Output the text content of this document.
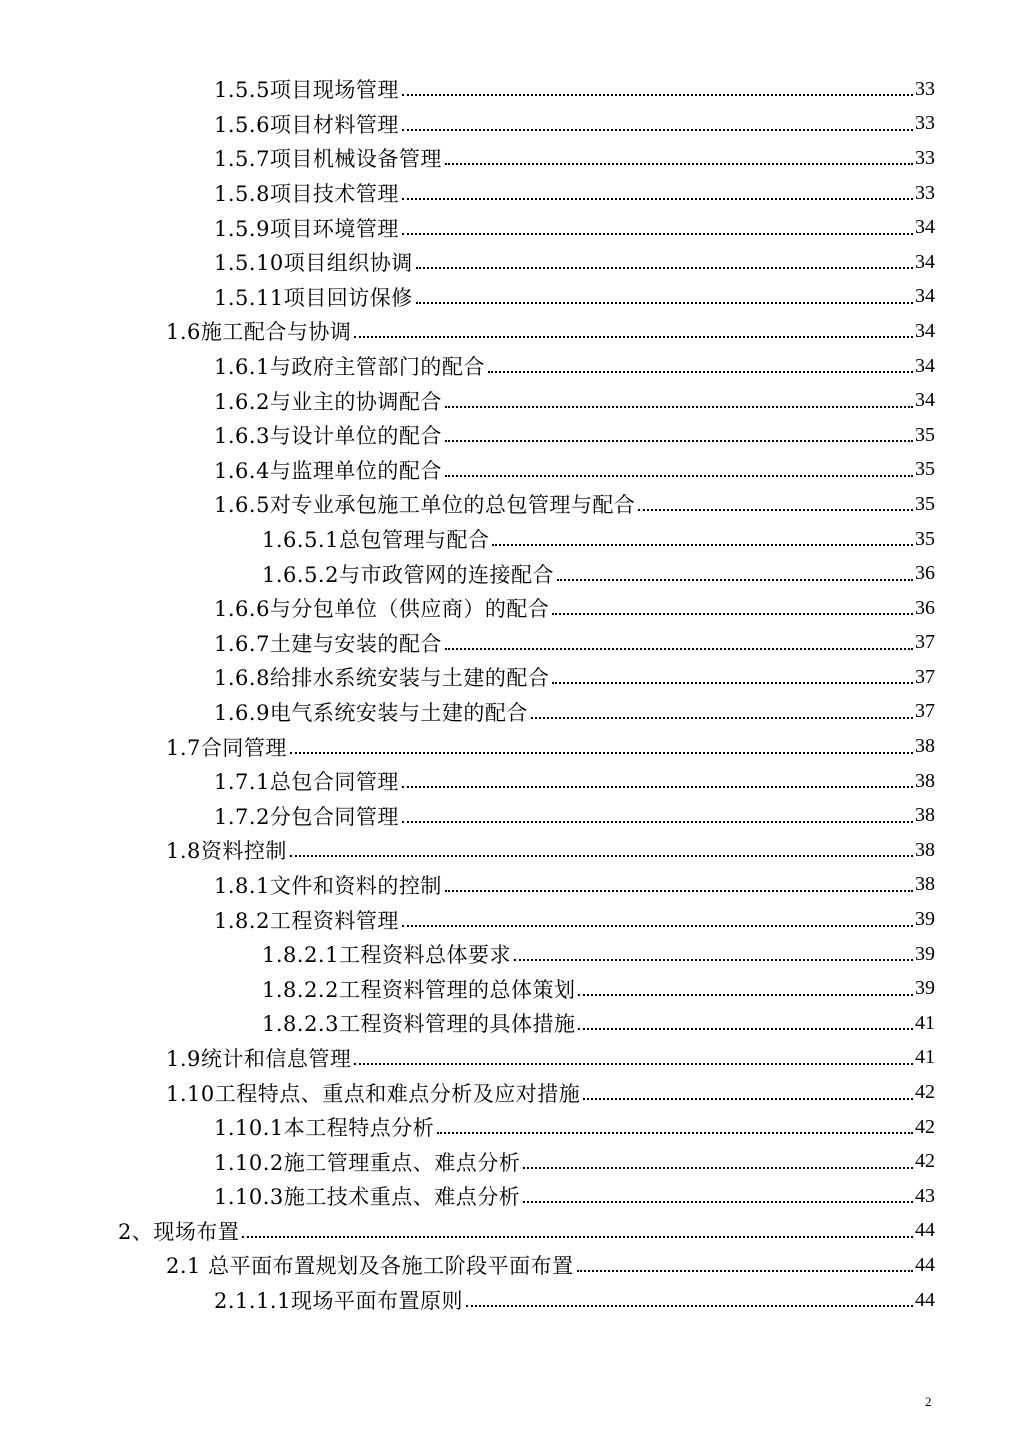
1.5.5项目现场管理	33
1.5.6项目材料管理	33
1.5.7项目机械设备管理	33
1.5.8项目技术管理	33
1.5.9项目环境管理	34
1.5.10项目组织协调	34
1.5.11项目回访保修	34
1.6施工配合与协调	34
1.6.1与政府主管部门的配合	34
1.6.2与业主的协调配合	34
1.6.3与设计单位的配合	35
1.6.4与监理单位的配合	35
1.6.5对专业承包施工单位的总包管理与配合	35
1.6.5.1总包管理与配合	35
1.6.5.2与市政管网的连接配合	36
1.6.6与分包单位（供应商）的配合	36
1.6.7土建与安装的配合	37
1.6.8给排水系统安装与土建的配合	37
1.6.9电气系统安装与土建的配合	37
1.7合同管理	38
1.7.1总包合同管理	38
1.7.2分包合同管理	38
1.8资料控制	38
1.8.1文件和资料的控制	38
1.8.2工程资料管理	39
1.8.2.1工程资料总体要求	39
1.8.2.2工程资料管理的总体策划	39
1.8.2.3工程资料管理的具体措施	41
1.9统计和信息管理	41
1.10工程特点、重点和难点分析及应对措施	42
1.10.1本工程特点分析	42
1.10.2施工管理重点、难点分析	42
1.10.3施工技术重点、难点分析	43
2、现场布置	44
2.1 总平面布置规划及各施工阶段平面布置	44
2.1.1.1现场平面布置原则	44
2
